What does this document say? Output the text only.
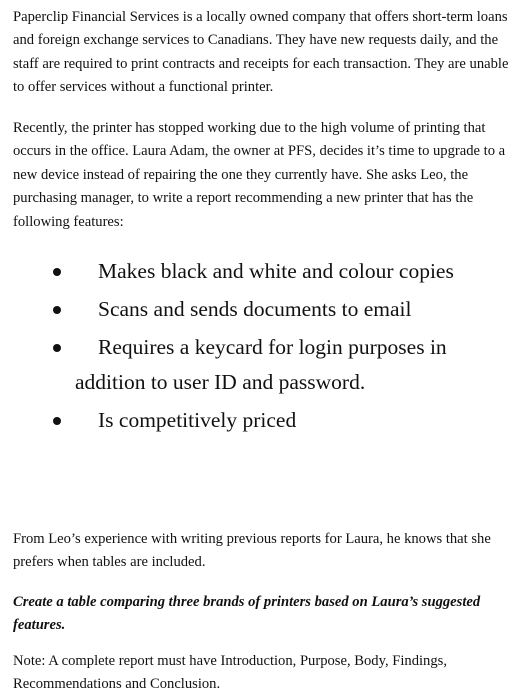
Paperclip Financial Services is a locally owned company that offers short-term loans and foreign exchange services to Canadians. They have new requests daily, and the staff are required to print contracts and receipts for each transaction. They are unable to offer services without a functional printer.

Recently, the printer has stopped working due to the high volume of printing that occurs in the office. Laura Adam, the owner at PFS, decides it’s time to upgrade to a new device instead of repairing the one they currently have. She asks Leo, the purchasing manager, to write a report recommending a new printer that has the following features:

Makes black and white and colour copies
Scans and sends documents to email
Requires a keycard for login purposes in addition to user ID and password.
Is competitively priced

From Leo’s experience with writing previous reports for Laura, he knows that she prefers when tables are included.

Create a table comparing three brands of printers based on Laura’s suggested features.

Note: A complete report must have Introduction, Purpose, Body, Findings, Recommendations and Conclusion.
